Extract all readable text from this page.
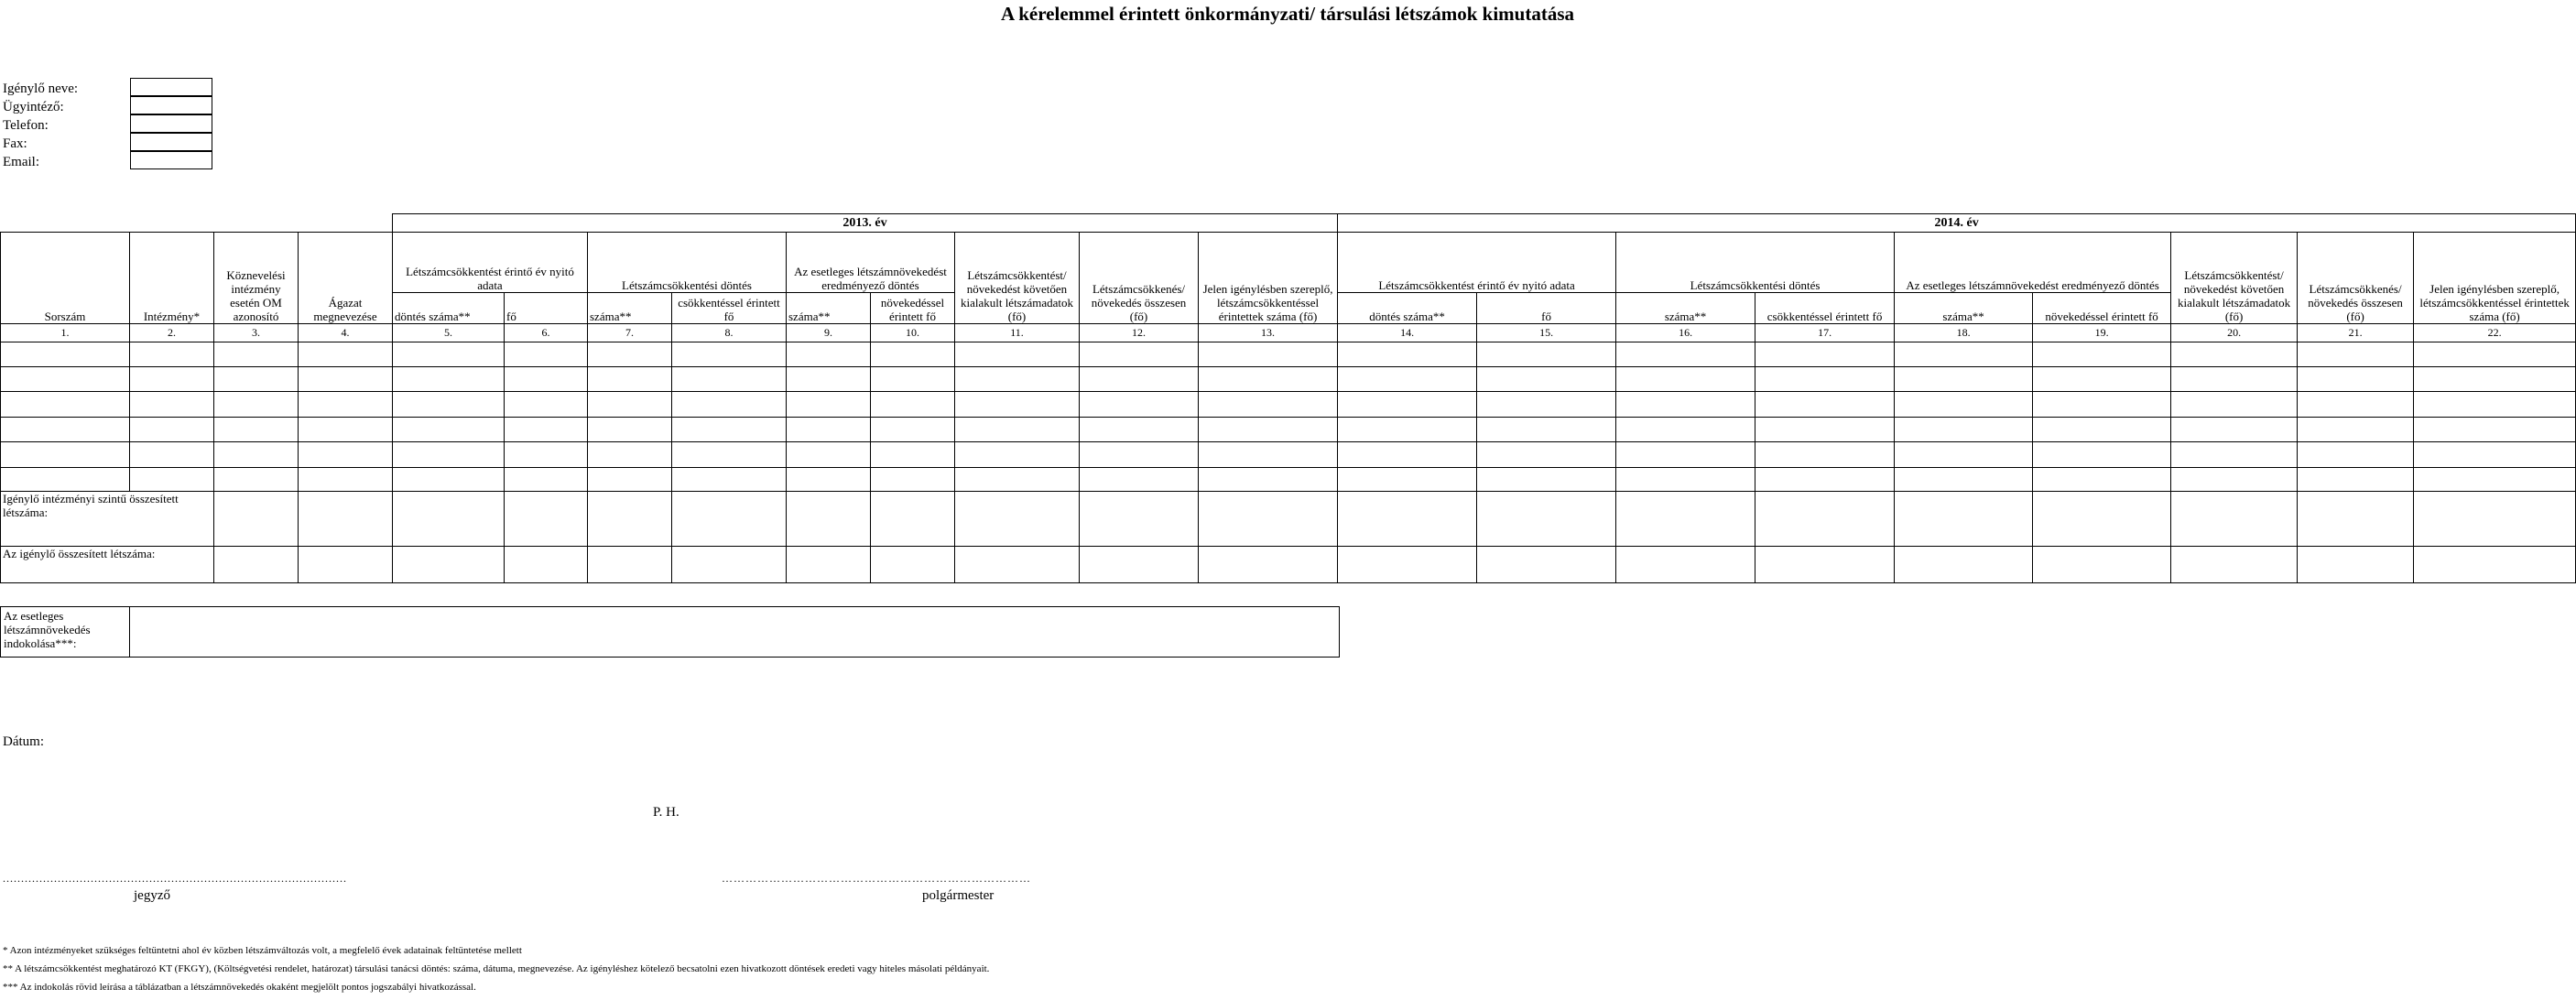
A kérelemmel érintett önkormányzati/ társulási létszámok kimutatása
Igénylő neve:
Ügyintéző:
Telefon:
Fax:
Email:
				2013. év									2014. év								
Sorszám	Intézmény*	Köznevelési intézmény esetén OM azonosító	Ágazat megnevezése	Létszámcsökkentést érintő év nyitó adata		Létszámcsökkentési döntés		Az esetleges létszámnövekedést eredményező döntés		Létszámcsökkentést/ növekedést követően kialakult létszámadatok (fő)	Létszámcsökkenés/ növekedés összesen (fő)	Jelen igénylésben szereplő, létszámcsökkentéssel érintettek száma (fő)	Létszámcsökkentést érintő év nyitó adata		Létszámcsökkentési döntés		Az esetleges létszámnövekedést eredményező döntés		Létszámcsökkentést/ növekedést követően kialakult létszámadatok (fő)	Létszámcsökkenés/ növekedés összesen (fő)	Jelen igénylésben szereplő, létszámcsökkentéssel érintettek száma (fő)
				döntés száma**	fő	száma**	csökkentéssel érintett fő	száma**	növekedéssel érintett fő				döntés száma**	fő	száma**	csökkentéssel érintett fő	száma**	növekedéssel érintett fő			
1.	2.	3.	4.	5.	6.	7.	8.	9.	10.	11.	12.	13.	14.	15.	16.	17.	18.	19.	20.	21.	22.

Igénylő intézményi szintű összesített létszáma:																					
Az igénylő összesített létszáma:																					
Az esetleges létszámnövekedés indokolása***:	
Dátum:
P. H.
..............................................................................................
jegyző
……………………………………………………………………
polgármester
* Azon intézményeket szükséges feltüntetni ahol év közben létszámváltozás volt, a megfelelő évek adatainak feltüntetése mellett
** A létszámcsökkentést meghatározó KT (FKGY), (Költségvetési rendelet, határozat) társulási tanácsi döntés: száma, dátuma, megnevezése. Az igényléshez kötelező becsatolni ezen hivatkozott döntések eredeti vagy hiteles másolati példányait.
*** Az indokolás rövid leírása a táblázatban a létszámnövekedés okaként megjelölt pontos jogszabályi hivatkozással.
